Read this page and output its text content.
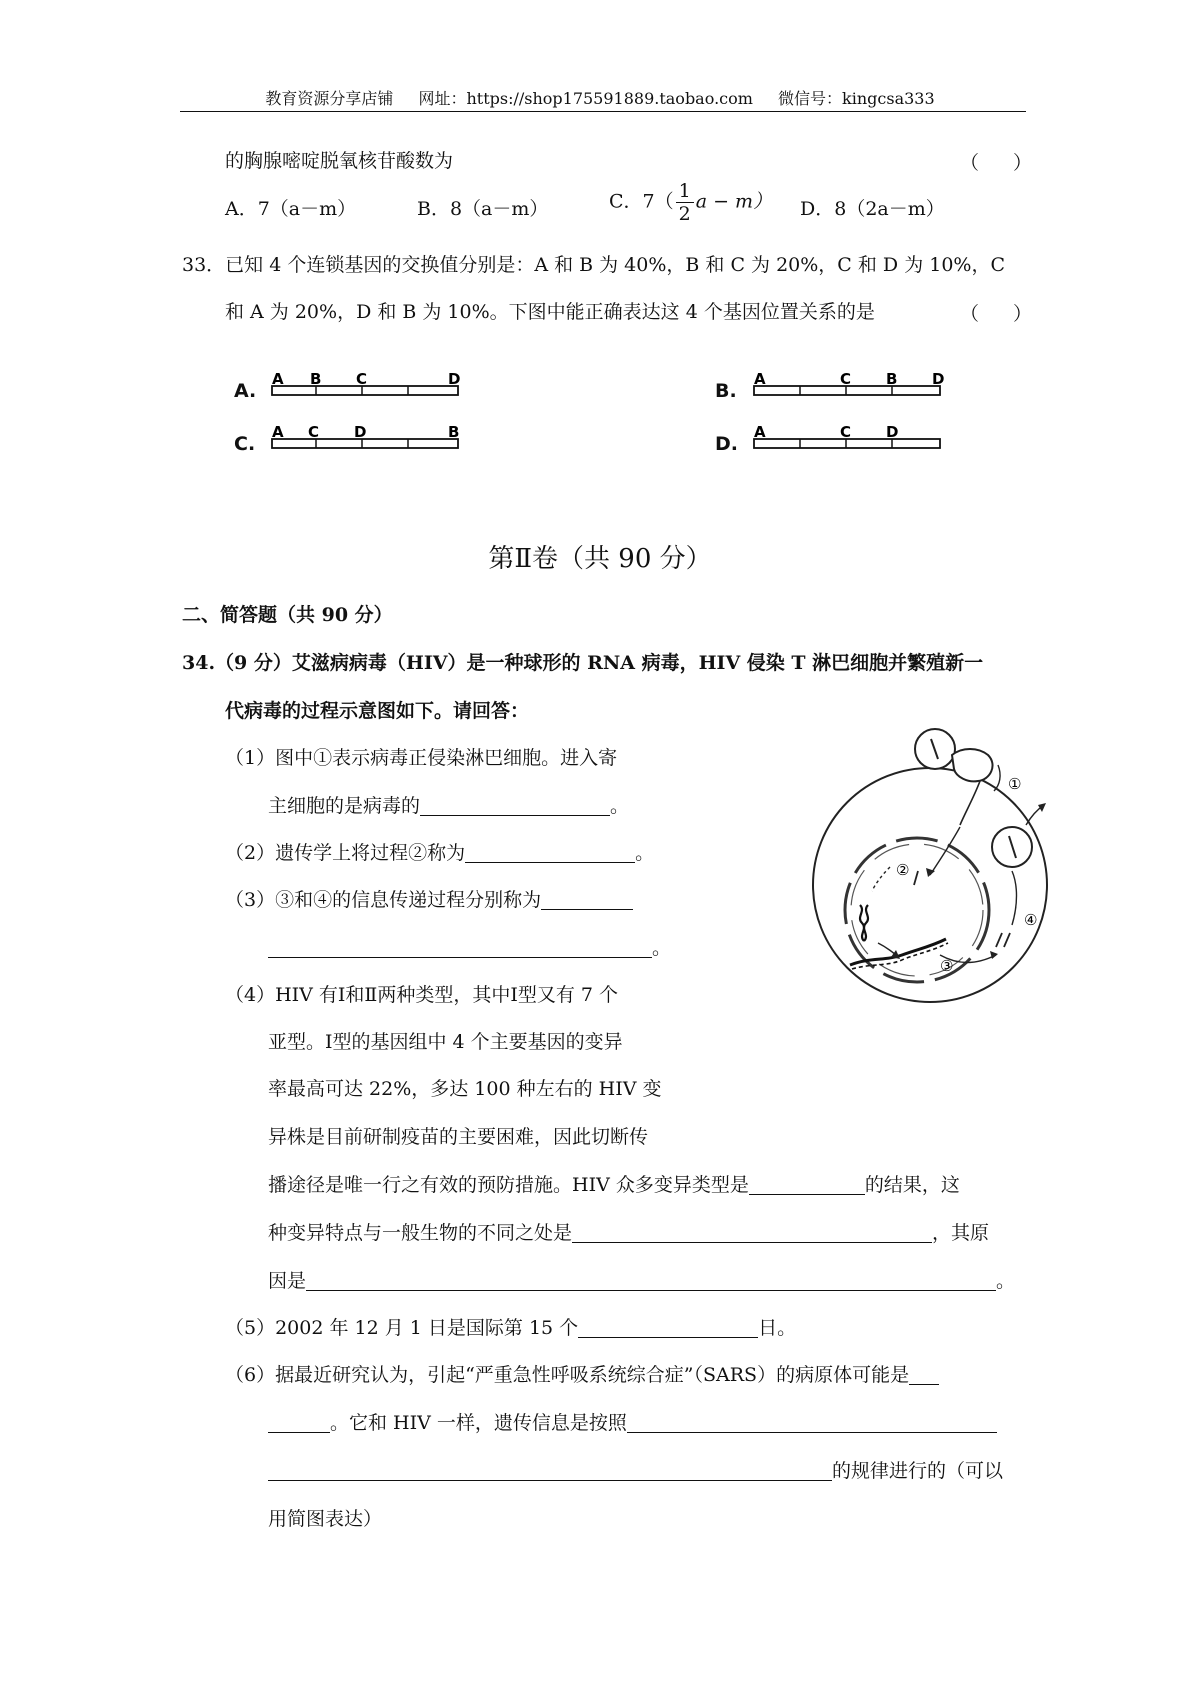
教育资源分享店铺 网址：https://shop175591889.taobao.com 微信号：kingcsa333
的胸腺嘧啶脱氧核苷酸数为	（ ）
A．7（a－m）	B．8（a－m）	C．$7( \frac{1}{2}$ a − m） D．8（2a－m）
33．已知 4 个连锁基因的交换值分别是：A 和 B 为 40%，B 和 C 为 20%，C 和 D 为 10%，C
和 A 为 20%，D 和 B 为 10%。下图中能正确表达这 4 个基因位置关系的是	（ ）
A.
A B C	D
B.
A	C B D
C.
A C D	B
D.
A	C D
第Ⅱ卷（共 90 分）
二、简答题（共 90 分）
34.（9 分）艾滋病病毒（HIV）是一种球形的 RNA 病毒，HIV 侵染 T 淋巴细胞并繁殖新一
代病毒的过程示意图如下。请回答：
（1）图中①表示病毒正侵染淋巴细胞。进入寄
主细胞的是病毒的	。
（2）遗传学上将过程②称为	。
（3）③和④的信息传递过程分别称为
。
（4）HIV 有Ⅰ和Ⅱ两种类型，其中Ⅰ型又有 7 个
亚型。Ⅰ型的基因组中 4 个主要基因的变异
率最高可达 22%，多达 100 种左右的 HIV 变
异株是目前研制疫苗的主要困难，因此切断传
播途径是唯一行之有效的预防措施。HIV 众多变异类型是	的结果，这
种变异特点与一般生物的不同之处是	，其原
因是	。
（5）2002 年 12 月 1 日是国际第 15 个	日。
（6）据最近研究认为，引起“严重急性呼吸系统综合症”（SARS）的病原体可能是
。它和 HIV 一样，遗传信息是按照
的规律进行的（可以
用简图表达）
①
②
③
④
